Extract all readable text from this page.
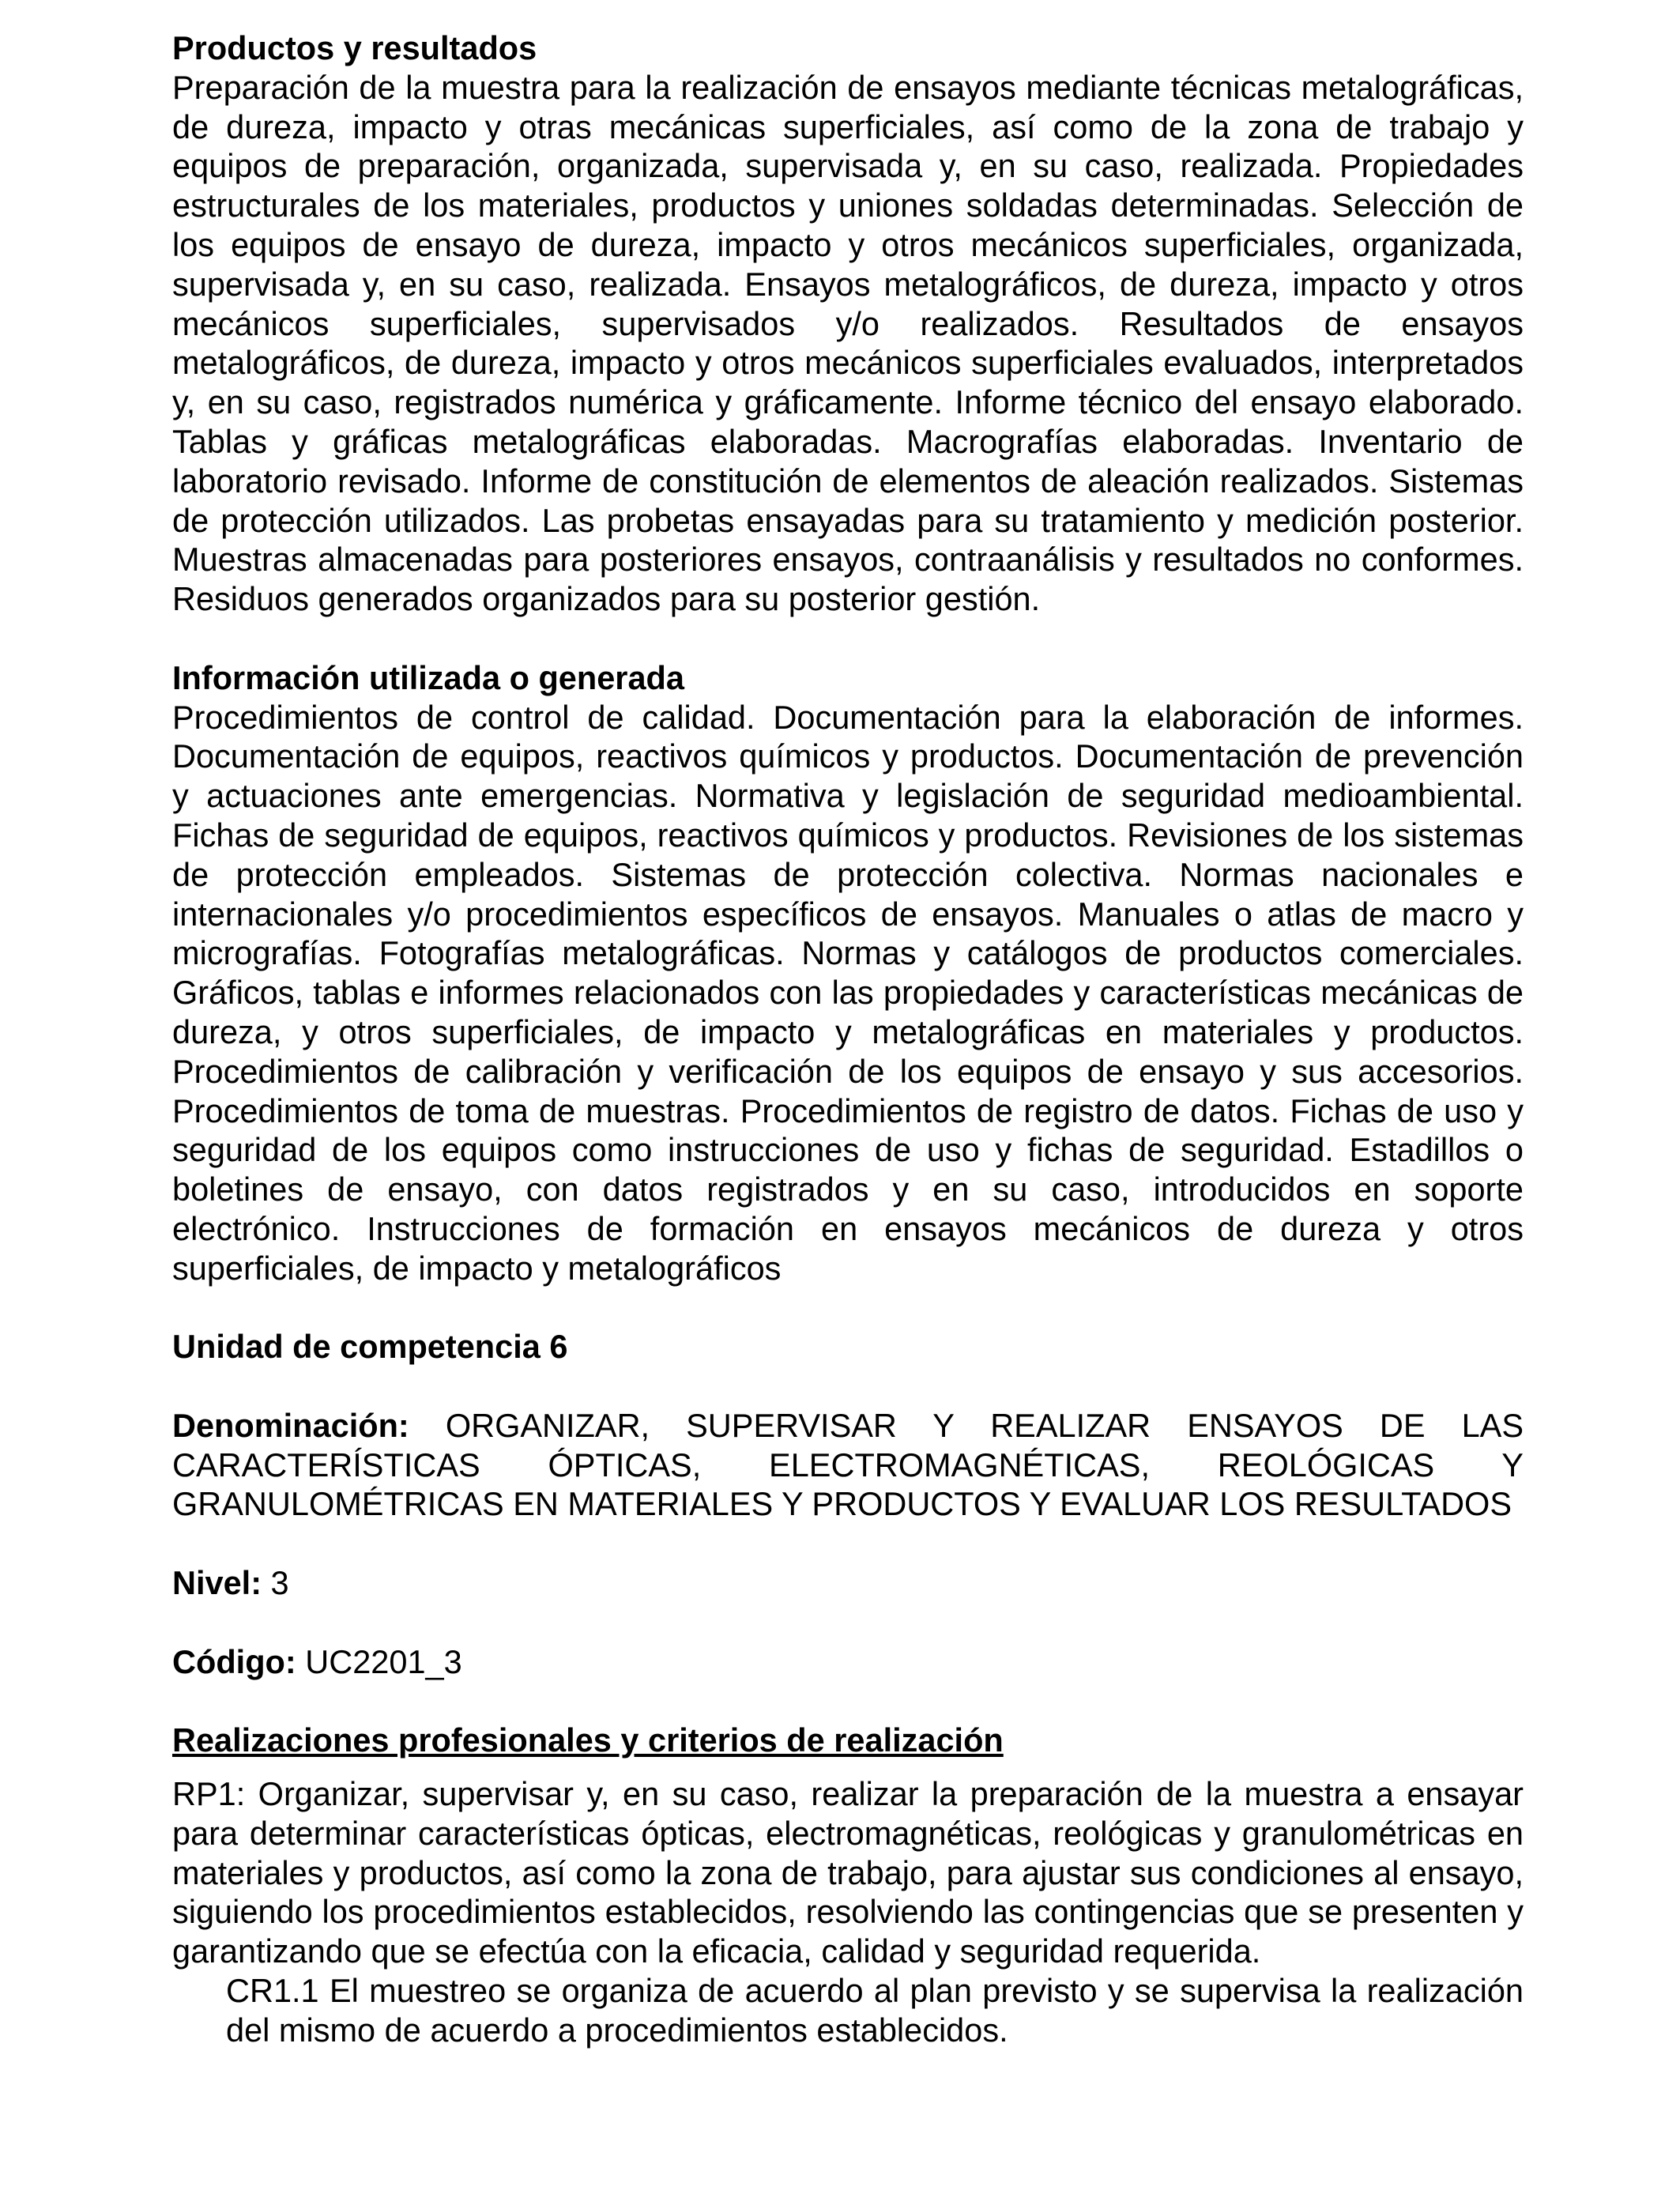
Productos y resultados

Preparación de la muestra para la realización de ensayos mediante técnicas metalográficas, de dureza, impacto y otras mecánicas superficiales, así como de la zona de trabajo y equipos de preparación, organizada, supervisada y, en su caso, realizada. Propiedades estructurales de los materiales, productos y uniones soldadas determinadas. Selección de los equipos de ensayo de dureza, impacto y otros mecánicos superficiales, organizada, supervisada y, en su caso, realizada. Ensayos metalográficos, de dureza, impacto y otros mecánicos superficiales, supervisados y/o realizados. Resultados de ensayos metalográficos, de dureza, impacto y otros mecánicos superficiales evaluados, interpretados y, en su caso, registrados numérica y gráficamente. Informe técnico del ensayo elaborado. Tablas y gráficas metalográficas elaboradas. Macrografías elaboradas. Inventario de laboratorio revisado. Informe de constitución de elementos de aleación realizados. Sistemas de protección utilizados. Las probetas ensayadas para su tratamiento y medición posterior. Muestras almacenadas para posteriores ensayos, contraanálisis y resultados no conformes. Residuos generados organizados para su posterior gestión.

Información utilizada o generada

Procedimientos de control de calidad. Documentación para la elaboración de informes. Documentación de equipos, reactivos químicos y productos. Documentación de prevención y actuaciones ante emergencias. Normativa y legislación de seguridad medioambiental. Fichas de seguridad de equipos, reactivos químicos y productos. Revisiones de los sistemas de protección empleados. Sistemas de protección colectiva. Normas nacionales e internacionales y/o procedimientos específicos de ensayos. Manuales o atlas de macro y micrografías. Fotografías metalográficas. Normas y catálogos de productos comerciales. Gráficos, tablas e informes relacionados con las propiedades y características mecánicas de dureza, y otros superficiales, de impacto y metalográficas en materiales y productos. Procedimientos de calibración y verificación de los equipos de ensayo y sus accesorios. Procedimientos de toma de muestras. Procedimientos de registro de datos. Fichas de uso y seguridad de los equipos como instrucciones de uso y fichas de seguridad. Estadillos o boletines de ensayo, con datos registrados y en su caso, introducidos en soporte electrónico. Instrucciones de formación en ensayos mecánicos de dureza y otros superficiales, de impacto y metalográficos

Unidad de competencia 6

Denominación: ORGANIZAR, SUPERVISAR Y REALIZAR ENSAYOS DE LAS CARACTERÍSTICAS ÓPTICAS, ELECTROMAGNÉTICAS, REOLÓGICAS Y GRANULOMÉTRICAS EN MATERIALES Y PRODUCTOS Y EVALUAR LOS RESULTADOS

Nivel: 3

Código: UC2201_3

Realizaciones profesionales y criterios de realización

RP1: Organizar, supervisar y, en su caso, realizar la preparación de la muestra a ensayar para determinar características ópticas, electromagnéticas, reológicas y granulométricas en materiales y productos, así como la zona de trabajo, para ajustar sus condiciones al ensayo, siguiendo los procedimientos establecidos, resolviendo las contingencias que se presenten y garantizando que se efectúa con la eficacia, calidad y seguridad requerida.

CR1.1 El muestreo se organiza de acuerdo al plan previsto y se supervisa la realización del mismo de acuerdo a procedimientos establecidos.
